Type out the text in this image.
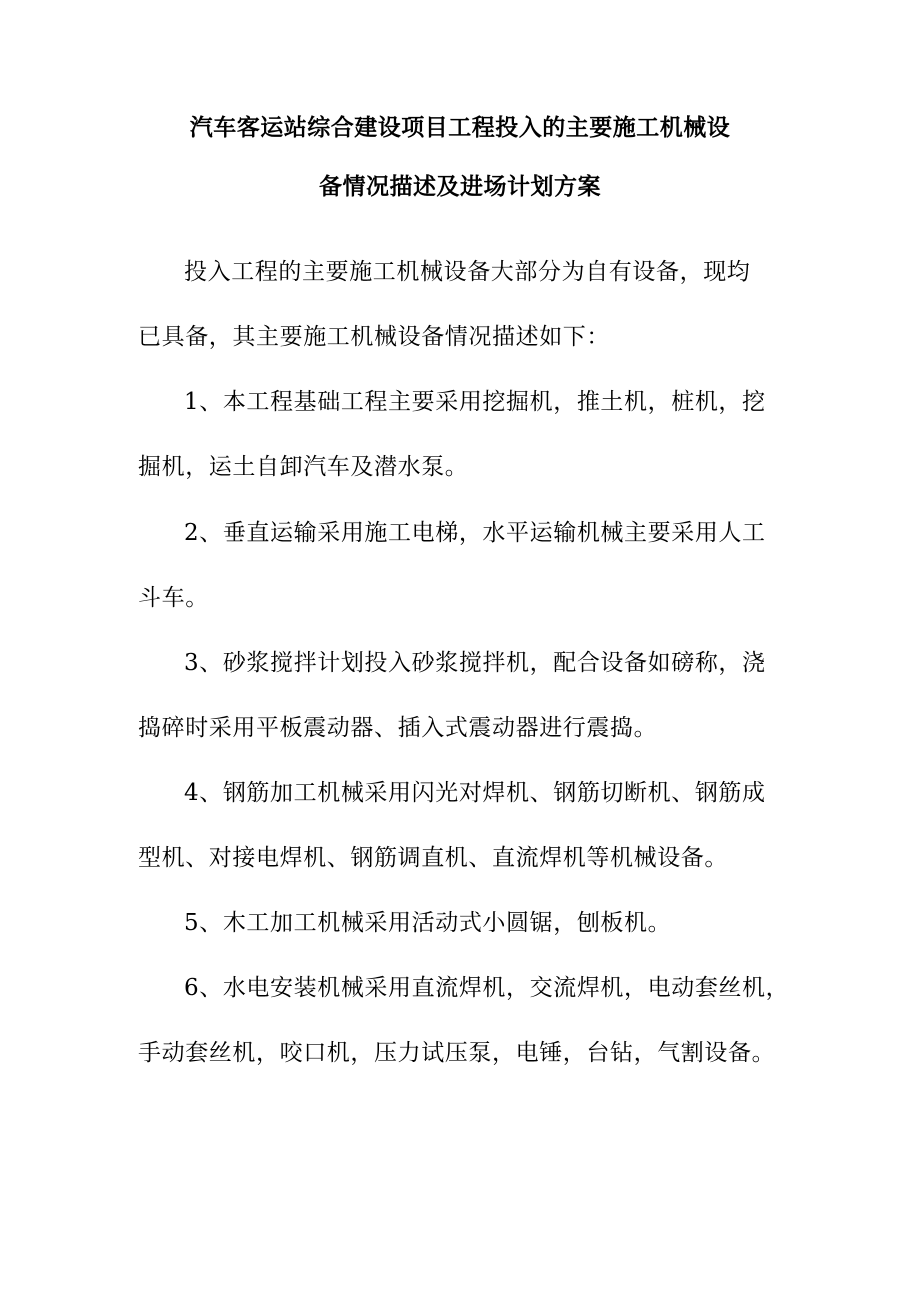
汽车客运站综合建设项目工程投入的主要施工机械设
备情况描述及进场计划方案
投入工程的主要施工机械设备大部分为自有设备，现均
已具备，其主要施工机械设备情况描述如下：
1、本工程基础工程主要采用挖掘机，推土机，桩机，挖
掘机，运土自卸汽车及潜水泵。
2、垂直运输采用施工电梯，水平运输机械主要采用人工
斗车。
3、砂浆搅拌计划投入砂浆搅拌机，配合设备如磅称，浇
捣碎时采用平板震动器、插入式震动器进行震捣。
4、钢筋加工机械采用闪光对焊机、钢筋切断机、钢筋成
型机、对接电焊机、钢筋调直机、直流焊机等机械设备。
5、木工加工机械采用活动式小圆锯，刨板机。
6、水电安装机械采用直流焊机，交流焊机，电动套丝机，
手动套丝机，咬口机，压力试压泵，电锤，台钻，气割设备。
